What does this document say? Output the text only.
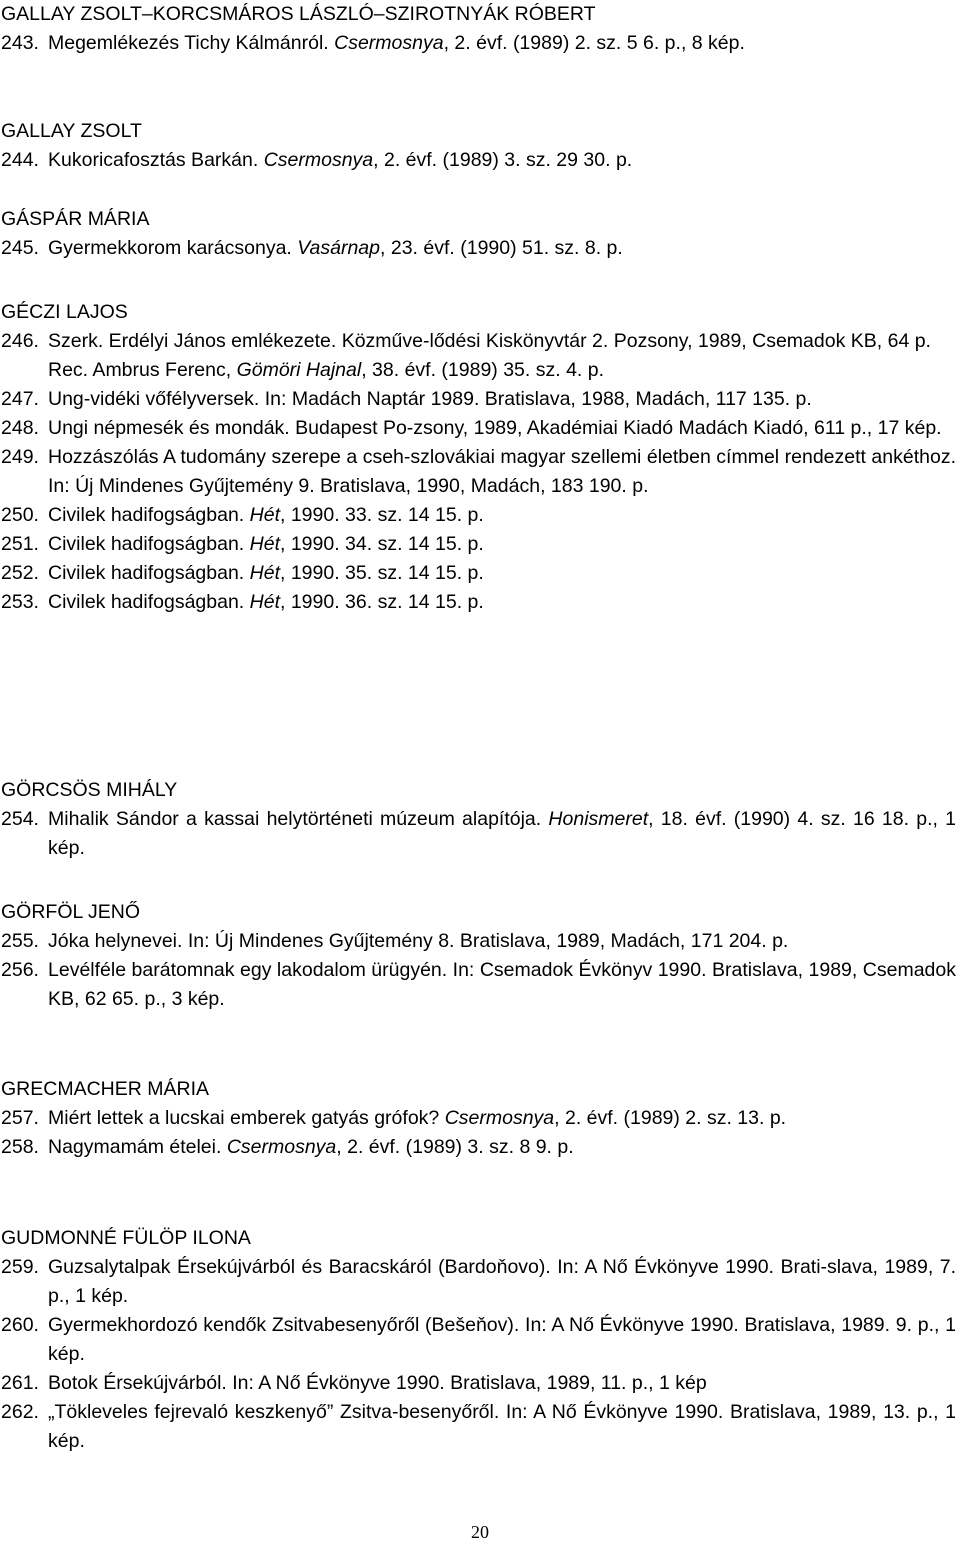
GALLAY ZSOLT–KORCSMÁROS LÁSZLÓ–SZIROTNYÁK RÓBERT
243. Megemlékezés Tichy Kálmánról. Csermosnya, 2. évf. (1989) 2. sz. 5 6. p., 8 kép.
GALLAY ZSOLT
244. Kukoricafosztás Barkán. Csermosnya, 2. évf. (1989) 3. sz. 29 30. p.
GÁSPÁR MÁRIA
245. Gyermekkorom karácsonya. Vasárnap, 23. évf. (1990) 51. sz. 8. p.
GÉCZI LAJOS
246. Szerk. Erdélyi János emlékezete. Közműve-lődési Kiskönyvtár 2. Pozsony, 1989, Csemadok KB, 64 p.
Rec. Ambrus Ferenc, Gömöri Hajnal, 38. évf. (1989) 35. sz. 4. p.
247. Ung-vidéki vőfélyversek. In: Madách Naptár 1989. Bratislava, 1988, Madách, 117 135. p.
248. Ungi népmesék és mondák. Budapest Po-zsony, 1989, Akadémiai Kiadó Madách Kiadó, 611 p., 17 kép.
249. Hozzászólás A tudomány szerepe a cseh-szlovákiai magyar szellemi életben címmel rendezett ankéthoz. In: Új Mindenes Gyűjtemény 9. Bratislava, 1990, Madách, 183 190. p.
250. Civilek hadifogságban. Hét, 1990. 33. sz. 14 15. p.
251. Civilek hadifogságban. Hét, 1990. 34. sz. 14 15. p.
252. Civilek hadifogságban. Hét, 1990. 35. sz. 14 15. p.
253. Civilek hadifogságban. Hét, 1990. 36. sz. 14 15. p.
GÖRCSÖS MIHÁLY
254. Mihalik Sándor a kassai helytörténeti múzeum alapítója. Honismeret, 18. évf. (1990) 4. sz. 16 18. p., 1 kép.
GÖRFÖL JENŐ
255. Jóka helynevei. In: Új Mindenes Gyűjtemény 8. Bratislava, 1989, Madách, 171 204. p.
256. Levélféle barátomnak egy lakodalom ürügyén. In: Csemadok Évkönyv 1990. Bratislava, 1989, Csemadok KB, 62 65. p., 3 kép.
GRECMACHER MÁRIA
257. Miért lettek a lucskai emberek gatyás grófok? Csermosnya, 2. évf. (1989) 2. sz. 13. p.
258. Nagymamám ételei. Csermosnya, 2. évf. (1989) 3. sz. 8 9. p.
GUDMONNÉ FÜLÖP ILONA
259. Guzsalytalpak Érsekújvárból és Baracskáról (Bardoňovo). In: A Nő Évkönyve 1990. Brati-slava, 1989, 7. p., 1 kép.
260. Gyermekhordozó kendők Zsitvabesenyőről (Bešeňov). In: A Nő Évkönyve 1990. Bratislava, 1989. 9. p., 1 kép.
261. Botok Érsekújvárból. In: A Nő Évkönyve 1990. Bratislava, 1989, 11. p., 1 kép
262. „Tökleveles fejrevaló keszkenyő” Zsitva-besenyőről. In: A Nő Évkönyve 1990. Bratislava, 1989, 13. p., 1 kép.
20
